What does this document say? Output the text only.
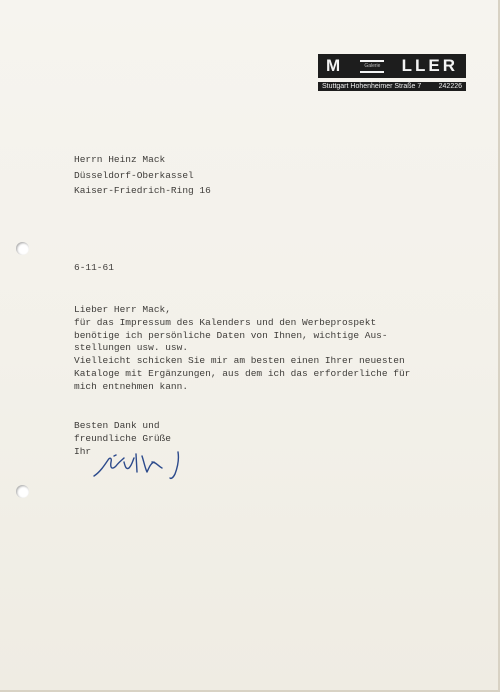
M	Galerie LLER
Stuttgart Hohenheimer Straße 7 242226
Herrn Heinz Mack
Düsseldorf-Oberkassel
Kaiser-Friedrich-Ring 16
6-11-61
Lieber Herr Mack,
für das Impressum des Kalenders und den Werbeprospekt
benötige ich persönliche Daten von Ihnen, wichtige Aus-
stellungen usw. usw.
Vielleicht schicken Sie mir am besten einen Ihrer neuesten
Kataloge mit Ergänzungen, aus dem ich das erforderliche für
mich entnehmen kann.
Besten Dank und
freundliche Grüße
Ihr
